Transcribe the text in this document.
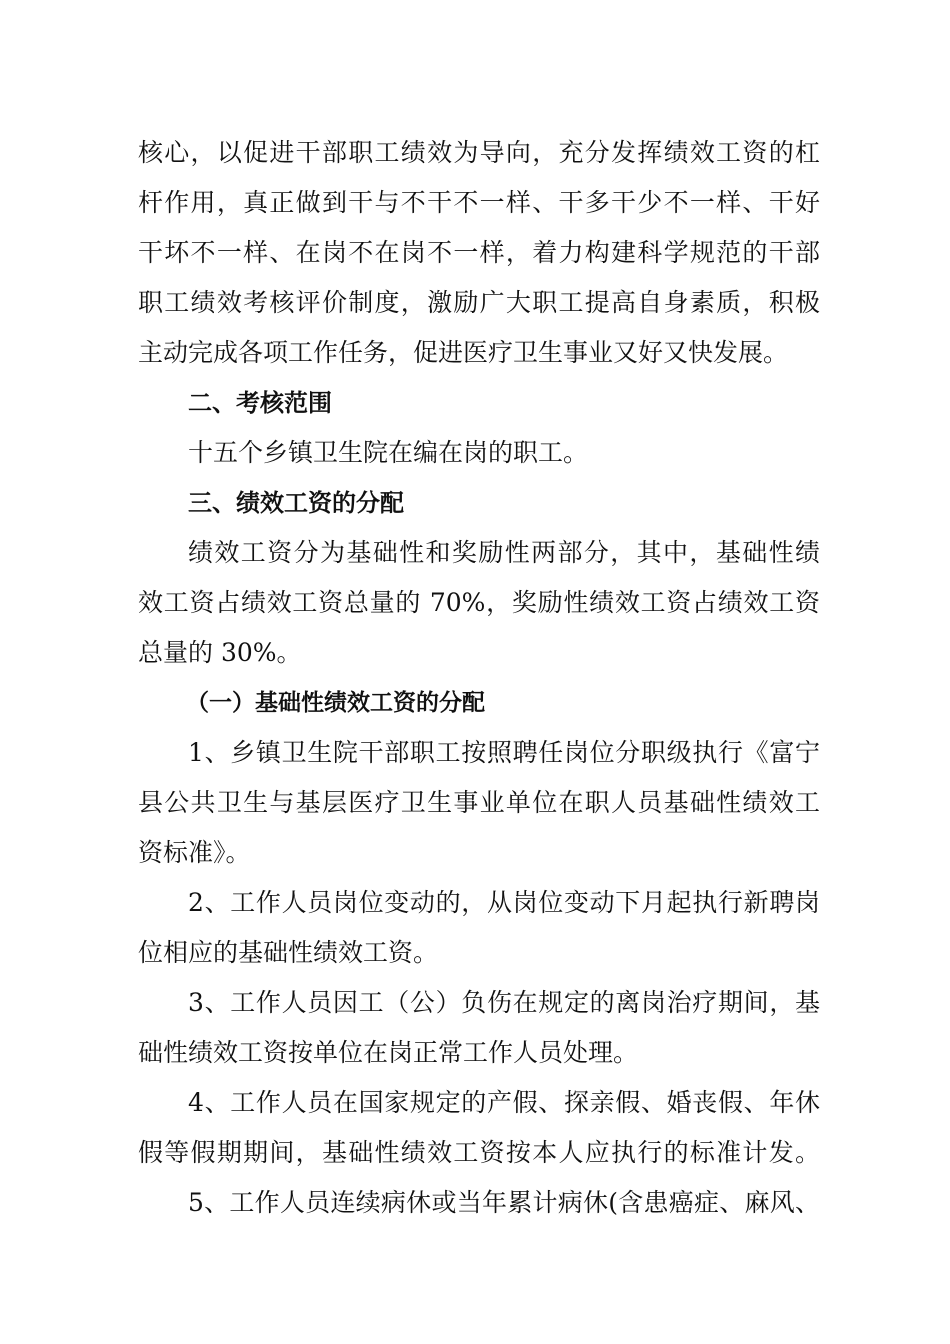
核心，以促进干部职工绩效为导向，充分发挥绩效工资的杠
杆作用，真正做到干与不干不一样、干多干少不一样、干好
干坏不一样、在岗不在岗不一样，着力构建科学规范的干部
职工绩效考核评价制度，激励广大职工提高自身素质，积极
主动完成各项工作任务，促进医疗卫生事业又好又快发展。
二、考核范围
十五个乡镇卫生院在编在岗的职工。
三、绩效工资的分配
绩效工资分为基础性和奖励性两部分，其中，基础性绩
效工资占绩效工资总量的 70%，奖励性绩效工资占绩效工资
总量的 30%。
（一）基础性绩效工资的分配
1、乡镇卫生院干部职工按照聘任岗位分职级执行《富宁
县公共卫生与基层医疗卫生事业单位在职人员基础性绩效工
资标准》。
2、工作人员岗位变动的，从岗位变动下月起执行新聘岗
位相应的基础性绩效工资。
3、工作人员因工（公）负伤在规定的离岗治疗期间，基
础性绩效工资按单位在岗正常工作人员处理。
4、工作人员在国家规定的产假、探亲假、婚丧假、年休
假等假期期间，基础性绩效工资按本人应执行的标准计发。
5、工作人员连续病休或当年累计病休(含患癌症、麻风、
